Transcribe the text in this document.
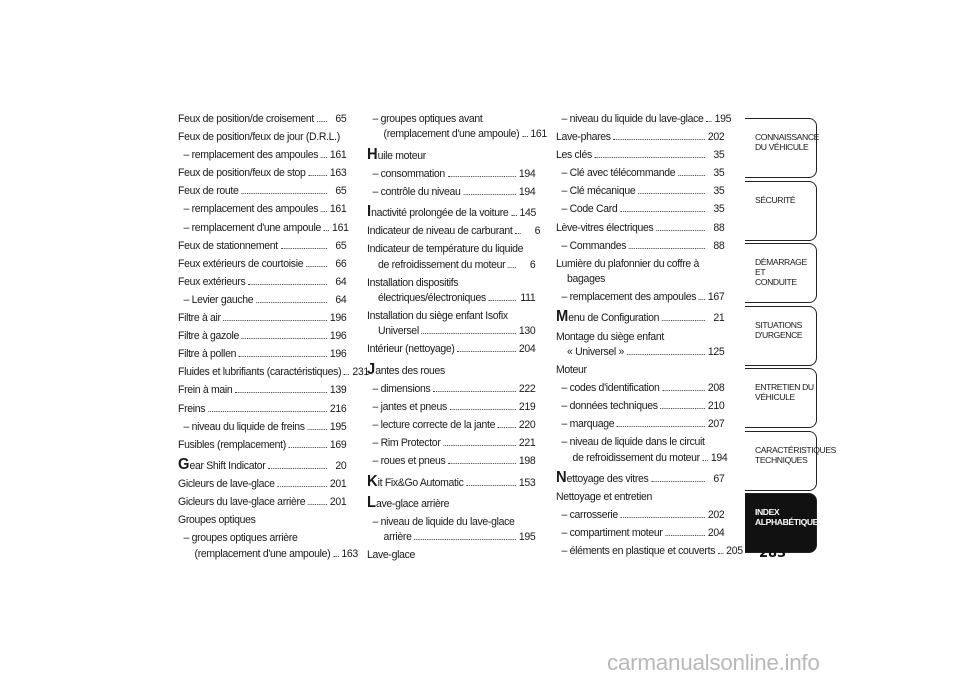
Feux de position/de croisement	65
Feux de position/feux de jour (D.R.L.)
– remplacement des ampoules 161
Feux de position/feux de stop 163
Feux de route	65
– remplacement des ampoules 161
– remplacement d'une ampoule 161
Feux de stationnement	65
Feux extérieurs de courtoisie	66
Feux extérieurs	64
– Levier gauche	64
Filtre à air	196
Filtre à gazole	196
Filtre à pollen	196
Fluides et lubrifiants (caractéristiques) 231
Frein à main	139
Freins	216
– niveau du liquide de freins 195
Fusibles (remplacement)	169
Gear Shift Indicator	20
Gicleurs de lave-glace	201
Gicleurs du lave-glace arrière 201
Groupes optiques
– groupes optiques arrière
(remplacement d'une ampoule) 163
– groupes optiques avant
(remplacement d'une ampoule) 161
Huile moteur
– consommation	194
– contrôle du niveau	194
Inactivité prolongée de la voiture 145
Indicateur de niveau de carburant	6
Indicateur de température du liquide
de refroidissement du moteur	6
Installation dispositifs
électriques/électroniques	111
Installation du siège enfant Isofix
Universel	130
Intérieur (nettoyage)	204
Jantes des roues
– dimensions	222
– jantes et pneus	219
– lecture correcte de la jante 220
– Rim Protector	221
– roues et pneus	198
Kit Fix&Go Automatic	153
Lave-glace arrière
– niveau de liquide du lave-glace
arrière	195
Lave-glace
– niveau du liquide du lave-glace 195
Lave-phares	202
Les clés	35
– Clé avec télécommande	35
– Clé mécanique	35
– Code Card	35
Lève-vitres électriques	88
– Commandes	88
Lumière du plafonnier du coffre à
bagages
– remplacement des ampoules 167
Menu de Configuration	21
Montage du siège enfant
« Universel »	125
Moteur
– codes d'identification	208
– données techniques	210
– marquage	207
– niveau de liquide dans le circuit
de refroidissement du moteur 194
Nettoyage des vitres	67
Nettoyage et entretien
– carrosserie	202
– compartiment moteur	204
– éléments en plastique et couverts 205
CONNAISSANCE
DU VÉHICULE
SÉCURITÉ
DÉMARRAGE ET
CONDUITE
SITUATIONS
D'URGENCE
ENTRETIEN DU
VÉHICULE
CARACTÉRISTIQUES
TECHNIQUES
INDEX
ALPHABÉTIQUE
283
carmanualsonline.info
